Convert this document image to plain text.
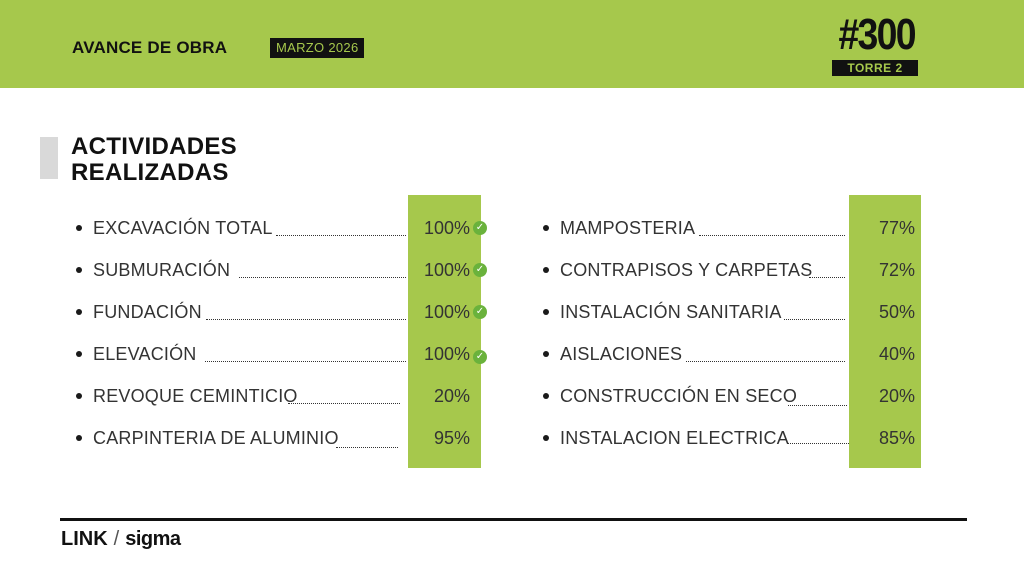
AVANCE DE OBRA	MARZO 2026	#300
TORRE 2
ACTIVIDADES
REALIZADAS
EXCAVACIÓN TOTAL	100% ✓
SUBMURACIÓN	100% ✓
FUNDACIÓN	100% ✓
ELEVACIÓN	100% ✓
REVOQUE CEMINTICIO	20%
CARPINTERIA DE ALUMINIO	95%
MAMPOSTERIA	77%
CONTRAPISOS Y CARPETAS	72%
INSTALACIÓN SANITARIA	50%
AISLACIONES	40%
CONSTRUCCIÓN EN SECO	20%
INSTALACION ELECTRICA	85%
LINK / sigma
